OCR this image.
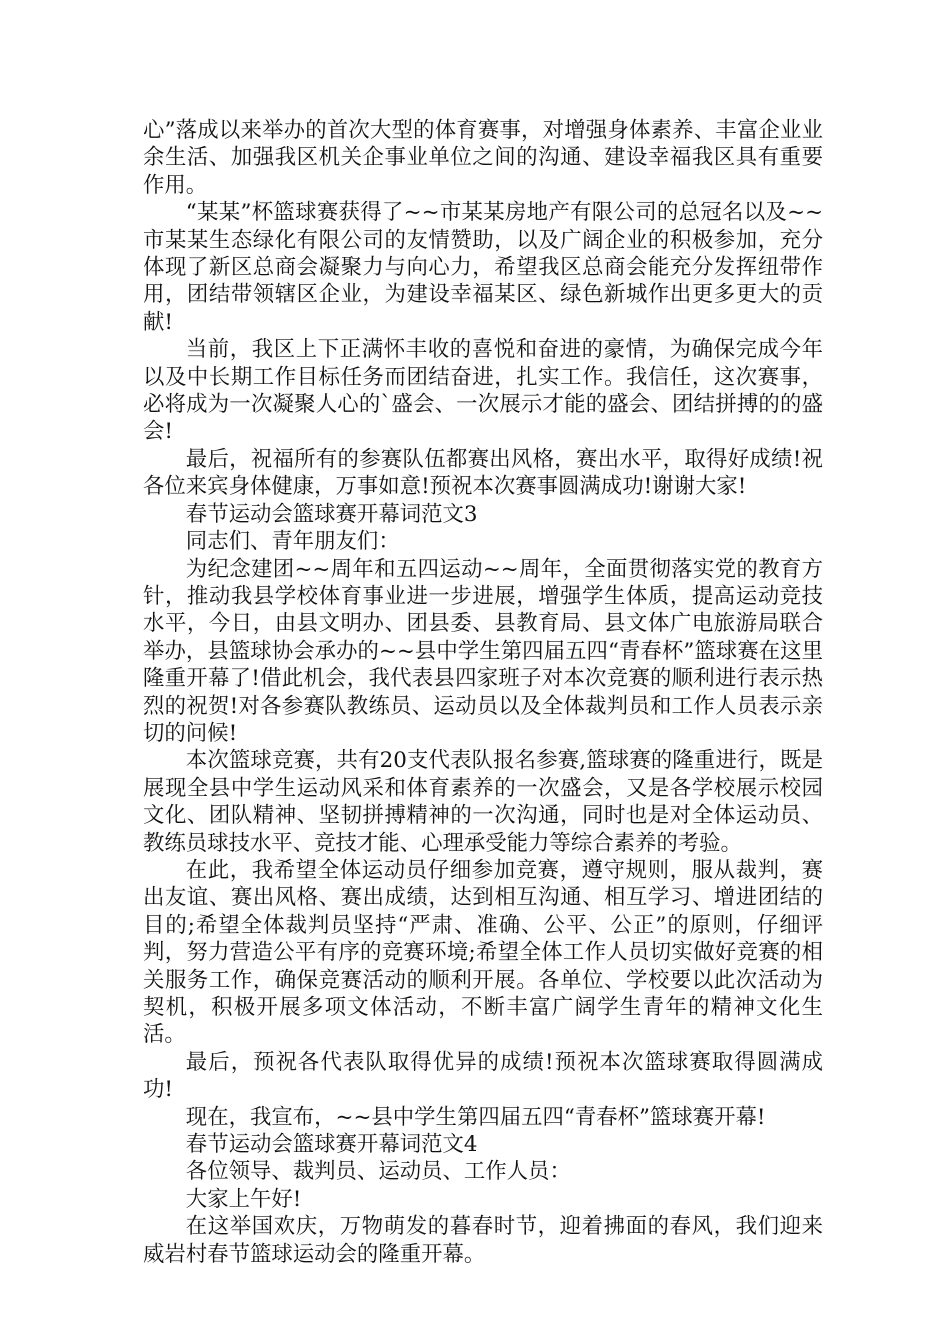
心”落成以来举办的首次大型的体育赛事，对增强身体素养、丰富企业业余生活、加强我区机关企事业单位之间的沟通、建设幸福我区具有重要作用。

“某某”杯篮球赛获得了~~市某某房地产有限公司的总冠名以及~~市某某生态绿化有限公司的友情赞助，以及广阔企业的积极参加，充分体现了新区总商会凝聚力与向心力，希望我区总商会能充分发挥纽带作用，团结带领辖区企业，为建设幸福某区、绿色新城作出更多更大的贡献!

当前，我区上下正满怀丰收的喜悦和奋进的豪情，为确保完成今年以及中长期工作目标任务而团结奋进，扎实工作。我信任，这次赛事，必将成为一次凝聚人心的`盛会、一次展示才能的盛会、团结拼搏的的盛会!

最后，祝福所有的参赛队伍都赛出风格，赛出水平，取得好成绩!祝各位来宾身体健康，万事如意!预祝本次赛事圆满成功!谢谢大家!

春节运动会篮球赛开幕词范文3

同志们、青年朋友们：

为纪念建团~~周年和五四运动~~周年，全面贯彻落实党的教育方针，推动我县学校体育事业进一步进展，增强学生体质，提高运动竞技水平，今日，由县文明办、团县委、县教育局、县文体广电旅游局联合举办，县篮球协会承办的~~县中学生第四届五四“青春杯”篮球赛在这里隆重开幕了!借此机会，我代表县四家班子对本次竞赛的顺利进行表示热烈的祝贺!对各参赛队教练员、运动员以及全体裁判员和工作人员表示亲切的问候!

本次篮球竞赛，共有20支代表队报名参赛,篮球赛的隆重进行，既是展现全县中学生运动风采和体育素养的一次盛会，又是各学校展示校园文化、团队精神、坚韧拼搏精神的一次沟通，同时也是对全体运动员、教练员球技水平、竞技才能、心理承受能力等综合素养的考验。

在此，我希望全体运动员仔细参加竞赛，遵守规则，服从裁判，赛出友谊、赛出风格、赛出成绩，达到相互沟通、相互学习、增进团结的目的;希望全体裁判员坚持“严肃、准确、公平、公正”的原则，仔细评判，努力营造公平有序的竞赛环境;希望全体工作人员切实做好竞赛的相关服务工作，确保竞赛活动的顺利开展。各单位、学校要以此次活动为契机，积极开展多项文体活动，不断丰富广阔学生青年的精神文化生活。

最后，预祝各代表队取得优异的成绩!预祝本次篮球赛取得圆满成功!

现在，我宣布，~~县中学生第四届五四“青春杯”篮球赛开幕!

春节运动会篮球赛开幕词范文4

各位领导、裁判员、运动员、工作人员：

大家上午好!

在这举国欢庆，万物萌发的暮春时节，迎着拂面的春风，我们迎来威岩村春节篮球运动会的隆重开幕。
